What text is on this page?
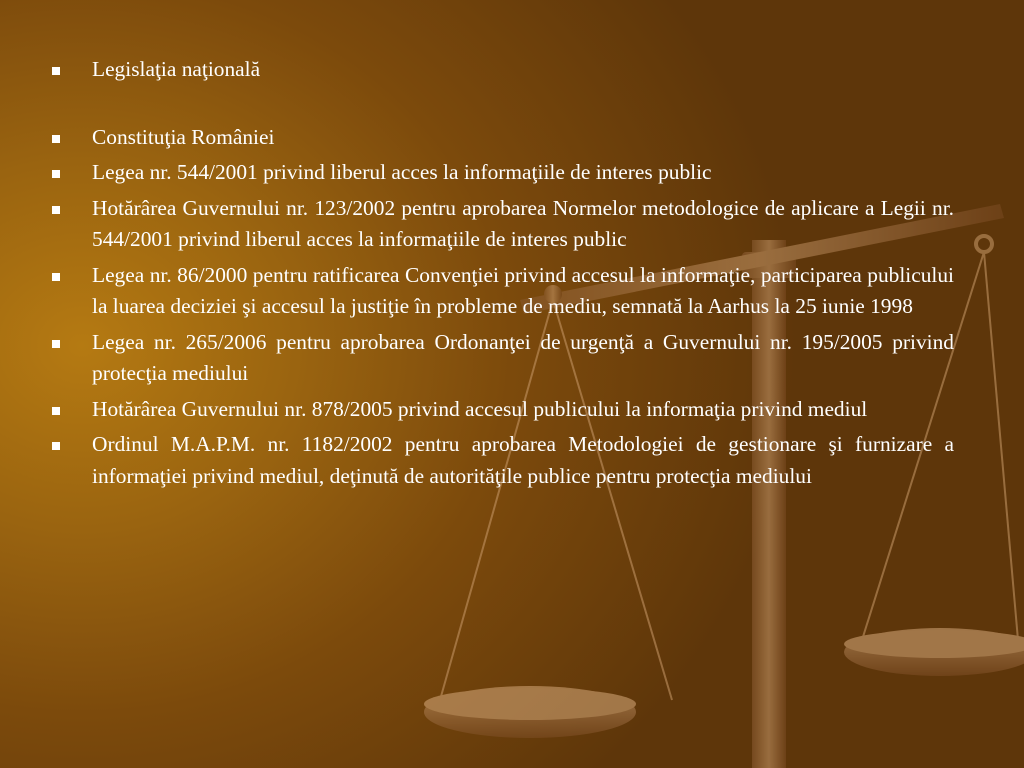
Legislaţia naţională
Constituţia României
Legea nr. 544/2001 privind liberul acces la informaţiile de interes public
Hotărârea Guvernului nr. 123/2002 pentru aprobarea Normelor metodologice de aplicare a Legii nr. 544/2001 privind liberul acces la informaţiile de interes public
Legea nr. 86/2000 pentru ratificarea Convenţiei privind accesul la informaţie, participarea publicului la luarea deciziei şi accesul la justiţie în probleme de mediu, semnată la Aarhus la 25 iunie 1998
Legea nr. 265/2006 pentru aprobarea Ordonanţei de urgenţă a Guvernului nr. 195/2005 privind protecţia mediului
Hotărârea Guvernului nr. 878/2005 privind accesul publicului la informaţia privind mediul
Ordinul M.A.P.M. nr. 1182/2002 pentru aprobarea Metodologiei de gestionare şi furnizare a informaţiei privind mediul, deţinută de autorităţile publice pentru protecţia mediului
